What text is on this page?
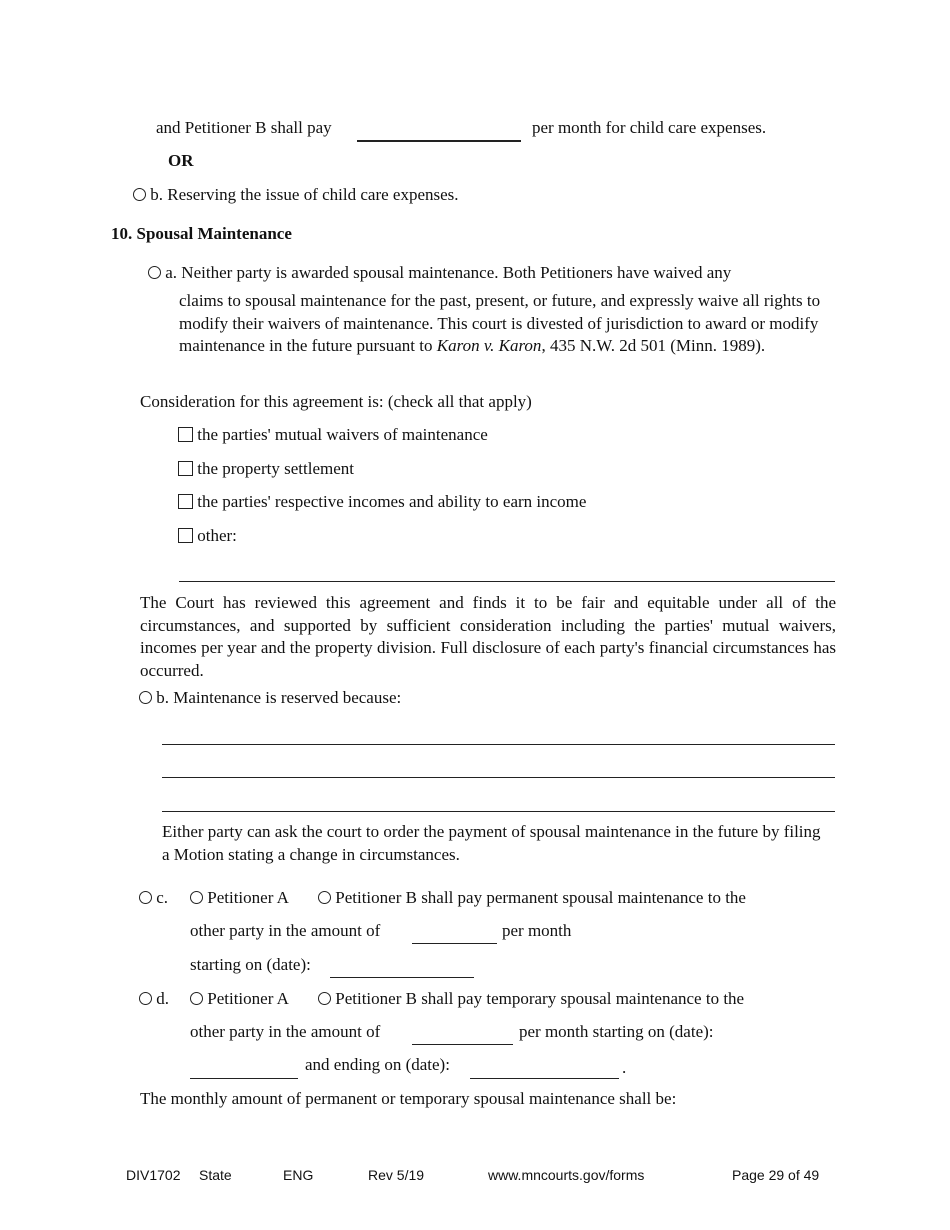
and Petitioner B shall pay	per month for child care expenses.
OR
b. Reserving the issue of child care expenses.
10. Spousal Maintenance
a. Neither party is awarded spousal maintenance. Both Petitioners have waived any
claims to spousal maintenance for the past, present, or future, and expressly waive all rights to modify their waivers of maintenance. This court is divested of jurisdiction to award or modify maintenance in the future pursuant to Karon v. Karon, 435 N.W. 2d 501 (Minn. 1989).
Consideration for this agreement is: (check all that apply)
the parties' mutual waivers of maintenance
the property settlement
the parties' respective incomes and ability to earn income
other:
The Court has reviewed this agreement and finds it to be fair and equitable under all of the circumstances, and supported by sufficient consideration including the parties' mutual waivers, incomes per year and the property division. Full disclosure of each party's financial circumstances has occurred.
b. Maintenance is reserved because:
Either party can ask the court to order the payment of spousal maintenance in the future by filing a Motion stating a change in circumstances.
c.	Petitioner A	Petitioner B shall pay permanent spousal maintenance to the
other party in the amount of	per month
starting on (date):
d.	Petitioner A	Petitioner B shall pay temporary spousal maintenance to the
other party in the amount of	per month starting on (date):
and ending on (date):	.
The monthly amount of permanent or temporary spousal maintenance shall be:
DIV1702 State	ENG	Rev 5/19	www.mncourts.gov/forms	Page 29 of 49
